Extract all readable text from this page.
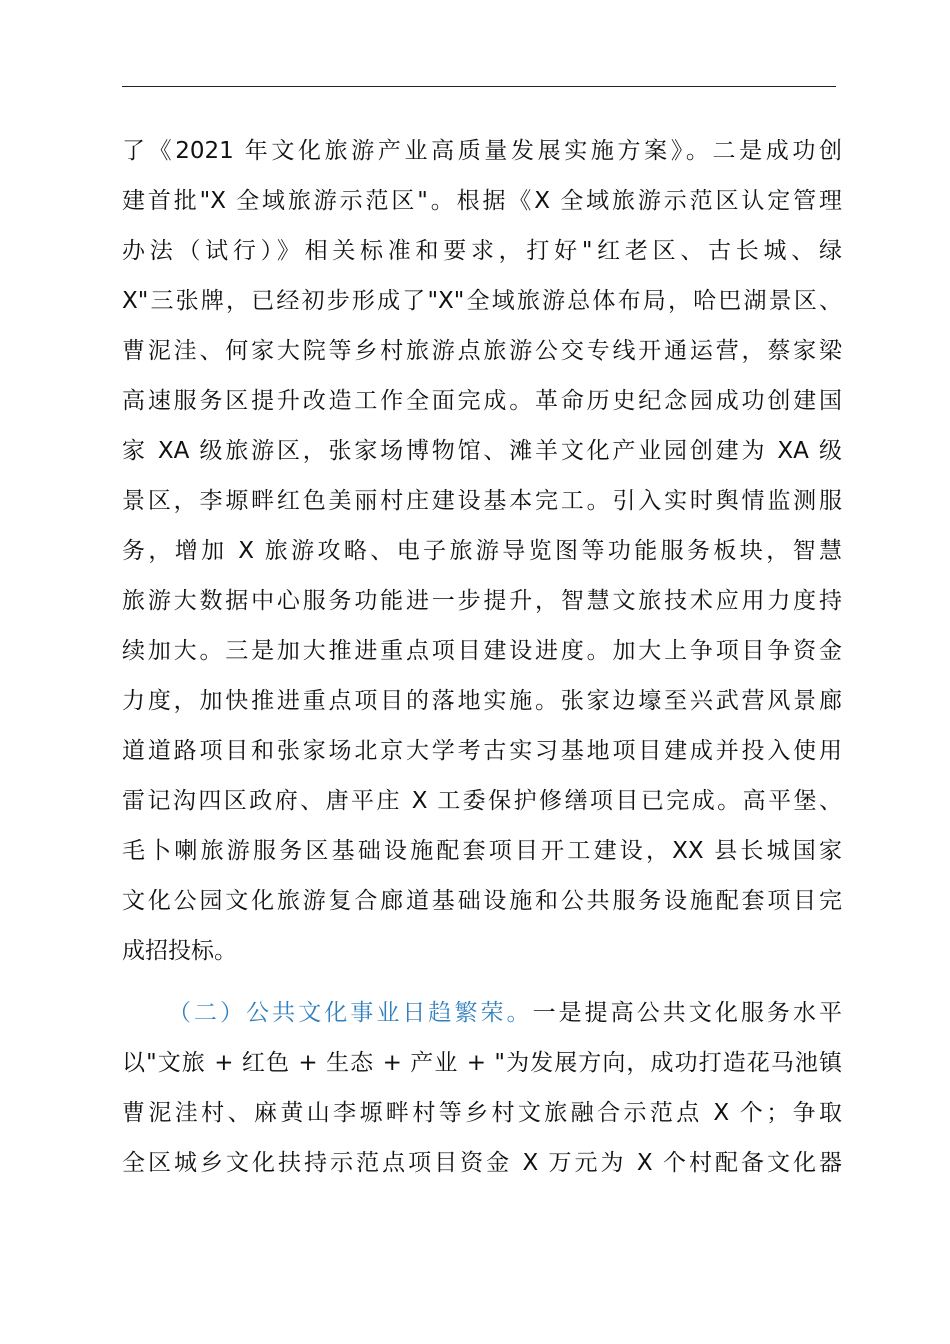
了《2021 年文化旅游产业高质量发展实施方案》。二是成功创
建首批"X 全域旅游示范区"。根据《X 全域旅游示范区认定管理
办法（试行）》相关标准和要求，打好"红老区、古长城、绿
X"三张牌，已经初步形成了"X"全域旅游总体布局，哈巴湖景区、
曹泥洼、何家大院等乡村旅游点旅游公交专线开通运营，蔡家梁
高速服务区提升改造工作全面完成。革命历史纪念园成功创建国
家 XA 级旅游区，张家场博物馆、滩羊文化产业园创建为 XA 级
景区，李塬畔红色美丽村庄建设基本完工。引入实时舆情监测服
务，增加 X 旅游攻略、电子旅游导览图等功能服务板块，智慧
旅游大数据中心服务功能进一步提升，智慧文旅技术应用力度持
续加大。三是加大推进重点项目建设进度。加大上争项目争资金
力度，加快推进重点项目的落地实施。张家边壕至兴武营风景廊
道道路项目和张家场北京大学考古实习基地项目建成并投入使用
雷记沟四区政府、唐平庄 X 工委保护修缮项目已完成。高平堡、
毛卜喇旅游服务区基础设施配套项目开工建设，XX 县长城国家
文化公园文化旅游复合廊道基础设施和公共服务设施配套项目完
成招投标。
（二）公共文化事业日趋繁荣。一是提高公共文化服务水平
以"文旅 + 红色 + 生态 + 产业 + "为发展方向，成功打造花马池镇
曹泥洼村、麻黄山李塬畔村等乡村文旅融合示范点 X 个；争取
全区城乡文化扶持示范点项目资金 X 万元为 X 个村配备文化器
